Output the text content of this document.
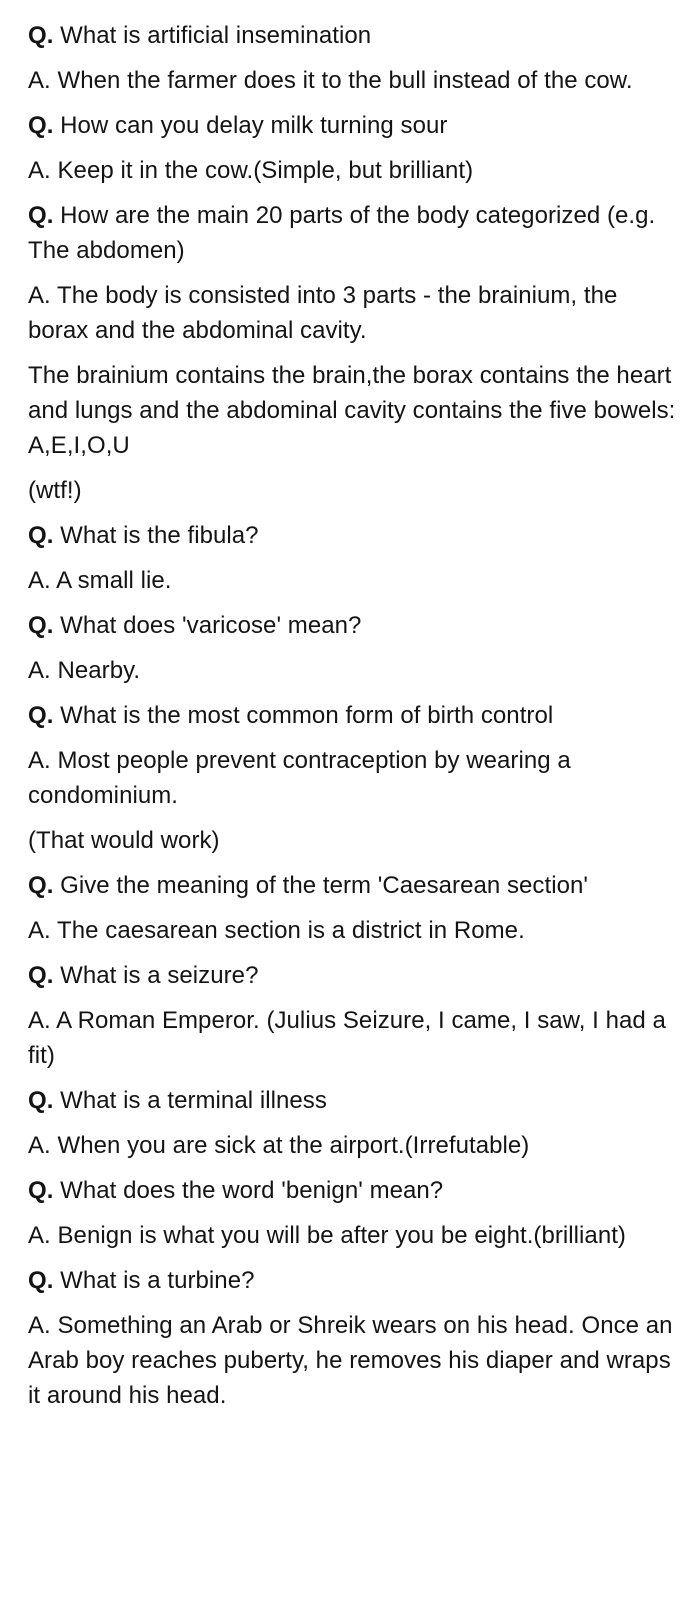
Q. What is artificial insemination

A. When the farmer does it to the bull instead of the cow.

Q. How can you delay milk turning sour

A. Keep it in the cow.(Simple, but brilliant)

Q. How are the main 20 parts of the body categorized (e.g. The abdomen)

A. The body is consisted into 3 parts - the brainium, the borax and the abdominal cavity.

The brainium contains the brain,the borax contains the heart and lungs and the abdominal cavity contains the five bowels: A,E,I,O,U

(wtf!)

Q. What is the fibula?

A. A small lie.

Q. What does 'varicose' mean?

A. Nearby.

Q. What is the most common form of birth control

A. Most people prevent contraception by wearing a condominium.

(That would work)

Q. Give the meaning of the term 'Caesarean section'

A. The caesarean section is a district in Rome.

Q. What is a seizure?

A. A Roman Emperor. (Julius Seizure, I came, I saw, I had a fit)

Q. What is a terminal illness

A. When you are sick at the airport.(Irrefutable)

Q. What does the word 'benign' mean?

A. Benign is what you will be after you be eight.(brilliant)

Q. What is a turbine?

A. Something an Arab or Shreik wears on his head. Once an Arab boy reaches puberty, he removes his diaper and wraps it around his head.
